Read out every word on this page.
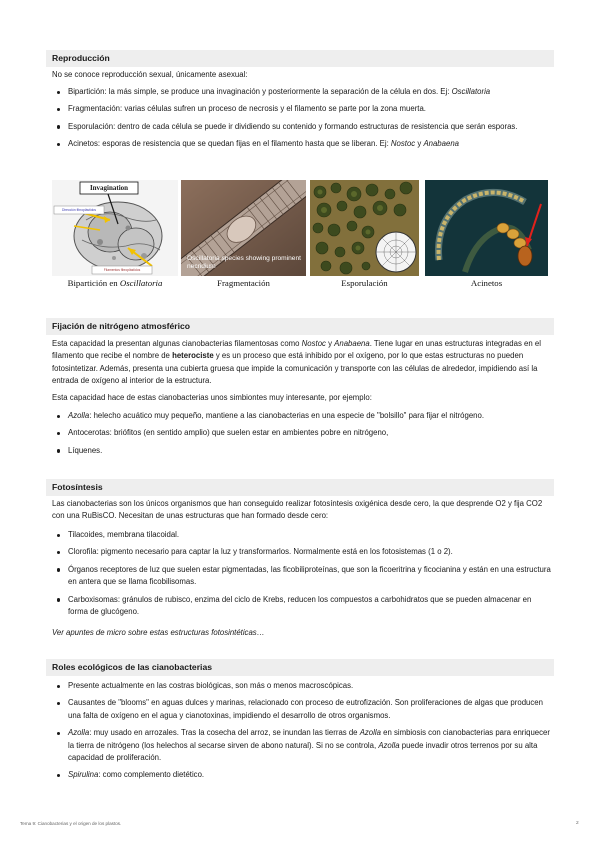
Reproducción

No se conoce reproducción sexual, únicamente asexual:

Bipartición: la más simple, se produce una invaginación y posteriormente la separación de la célula en dos. Ej: Oscillatoria
Fragmentación: varias células sufren un proceso de necrosis y el filamento se parte por la zona muerta.
Esporulación: dentro de cada célula se puede ir dividiendo su contenido y formando estructuras de resistencia que serán esporas.
Acinetos: esporas de resistencia que se quedan fijas en el filamento hasta que se liberan. Ej: Nostoc y Anabaena
Invagination
Dirección fibroplástidos
Filamentos fibroplástidos
Oscillatoria species showing prominent necridium
Bipartición en Oscillatoria	Fragmentación	Esporulación	Acinetos
Fijación de nitrógeno atmosférico

Esta capacidad la presentan algunas cianobacterias filamentosas como Nostoc y Anabaena. Tiene lugar en unas estructuras integradas en el filamento que recibe el nombre de heterociste y es un proceso que está inhibido por el oxígeno, por lo que estas estructuras no pueden fotosintetizar. Además, presenta una cubierta gruesa que impide la comunicación y transporte con las células de alrededor, impidiendo así la entrada de oxígeno al interior de la estructura.

Esta capacidad hace de estas cianobacterias unos simbiontes muy interesante, por ejemplo:

Azolla: helecho acuático muy pequeño, mantiene a las cianobacterias en una especie de "bolsillo" para fijar el nitrógeno.
Antocerotas: briófitos (en sentido amplio) que suelen estar en ambientes pobre en nitrógeno,
Líquenes.
Fotosíntesis

Las cianobacterias son los únicos organismos que han conseguido realizar fotosíntesis oxigénica desde cero, la que desprende O2 y fija CO2 con una RuBisCO. Necesitan de unas estructuras que han formado desde cero:

Tilacoides, membrana tilacoidal.
Clorofila: pigmento necesario para captar la luz y transformarlos. Normalmente está en los fotosistemas (1 o 2).
Órganos receptores de luz que suelen estar pigmentadas, las ficobiliproteínas, que son la ficoeritrina y ficocianina y están en una estructura en antera que se llama ficobilisomas.
Carboxisomas: gránulos de rubisco, enzima del ciclo de Krebs, reducen los compuestos a carbohidratos que se pueden almacenar en forma de glucógeno.

Ver apuntes de micro sobre estas estructuras fotosintéticas…

Roles ecológicos de las cianobacterias
Presente actualmente en las costras biológicas, son más o menos macroscópicas.
Causantes de "blooms" en aguas dulces y marinas, relacionado con proceso de eutrofización. Son proliferaciones de algas que producen una falta de oxígeno en el agua y cianotoxinas, impidiendo el desarrollo de otros organismos.
Azolla: muy usado en arrozales. Tras la cosecha del arroz, se inundan las tierras de Azolla en simbiosis con cianobacterias para enriquecer la tierra de nitrógeno (los helechos al secarse sirven de abono natural). Si no se controla, Azolla puede invadir otros terrenos por su alta capacidad de proliferación.
Spirulina: como complemento dietético.
Tema 9: Cianobacterias y el origen de los plastos.	2
